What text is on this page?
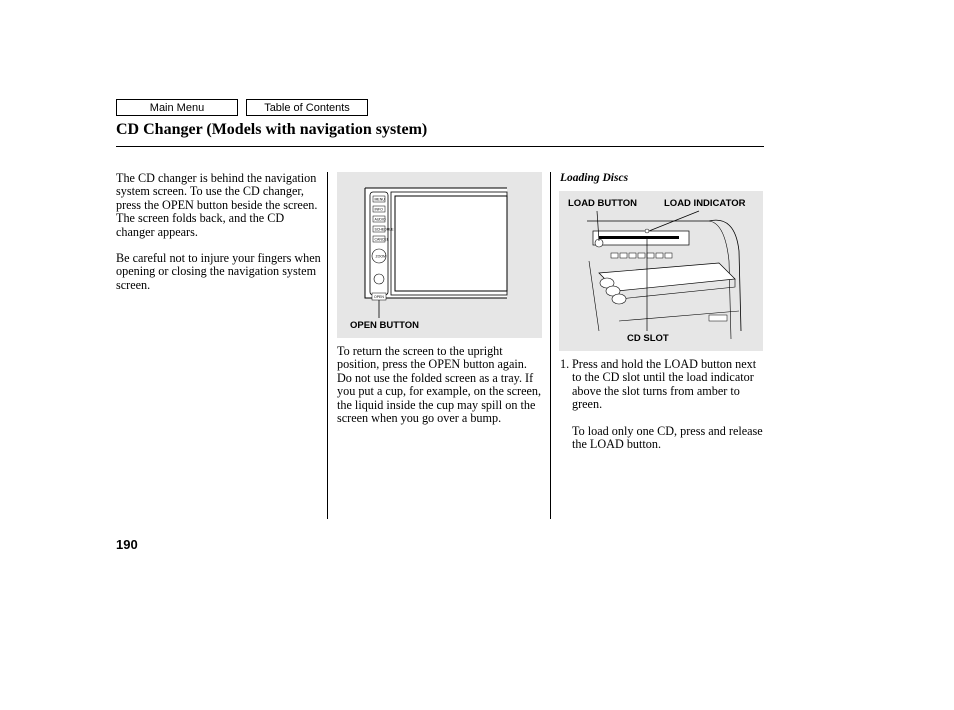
Main Menu	Table of Contents
CD Changer (Models with navigation system)
The CD changer is behind the navigation system screen. To use the CD changer, press the OPEN button beside the screen. The screen folds back, and the CD changer appears.
Be careful not to injure your fingers when opening or closing the navigation system screen.
MENU
INFO
AUDIO
SCHEDULE
CANCEL
ZOOM
OPEN
OPEN BUTTON
To return the screen to the upright position, press the OPEN button again. Do not use the folded screen as a tray. If you put a cup, for example, on the screen, the liquid inside the cup may spill on the screen when you go over a bump.
Loading Discs
LOAD BUTTON	LOAD INDICATOR
CD SLOT
1. Press and hold the LOAD button next to the CD slot until the load indicator above the slot turns from amber to green.
To load only one CD, press and release the LOAD button.
190
